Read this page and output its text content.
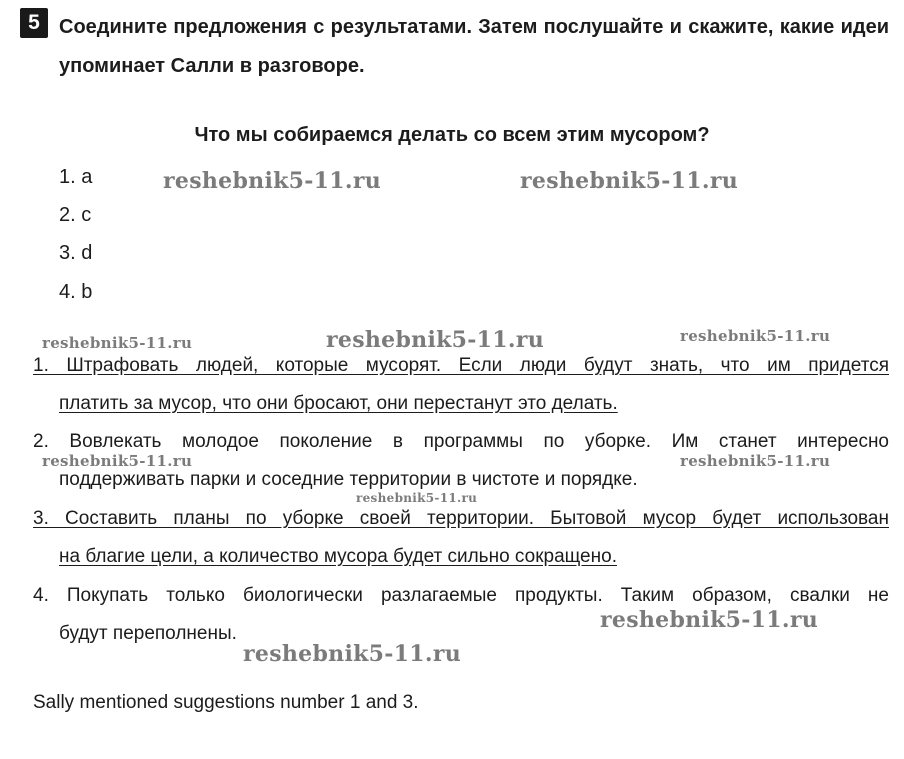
5 Соедините предложения с результатами. Затем послушайте и скажите, какие идеи упоминает Салли в разговоре.
Что мы собираемся делать со всем этим мусором?
1. a
2. c
3. d
4. b
1. Штрафовать людей, которые мусорят. Если люди будут знать, что им придется
платить за мусор, что они бросают, они перестанут это делать.
2. Вовлекать молодое поколение в программы по уборке. Им станет интересно
поддерживать парки и соседние территории в чистоте и порядке.
3. Составить планы по уборке своей территории. Бытовой мусор будет использован
на благие цели, а количество мусора будет сильно сокращено.
4. Покупать только биологически разлагаемые продукты. Таким образом, свалки не
будут переполнены.
Sally mentioned suggestions number 1 and 3.
reshebnik5-11.ru	reshebnik5-11.ru
reshebnik5-11.ru	reshebnik5-11.ru	reshebnik5-11.ru
reshebnik5-11.ru	reshebnik5-11.ru
reshebnik5-11.ru
reshebnik5-11.ru
reshebnik5-11.ru
